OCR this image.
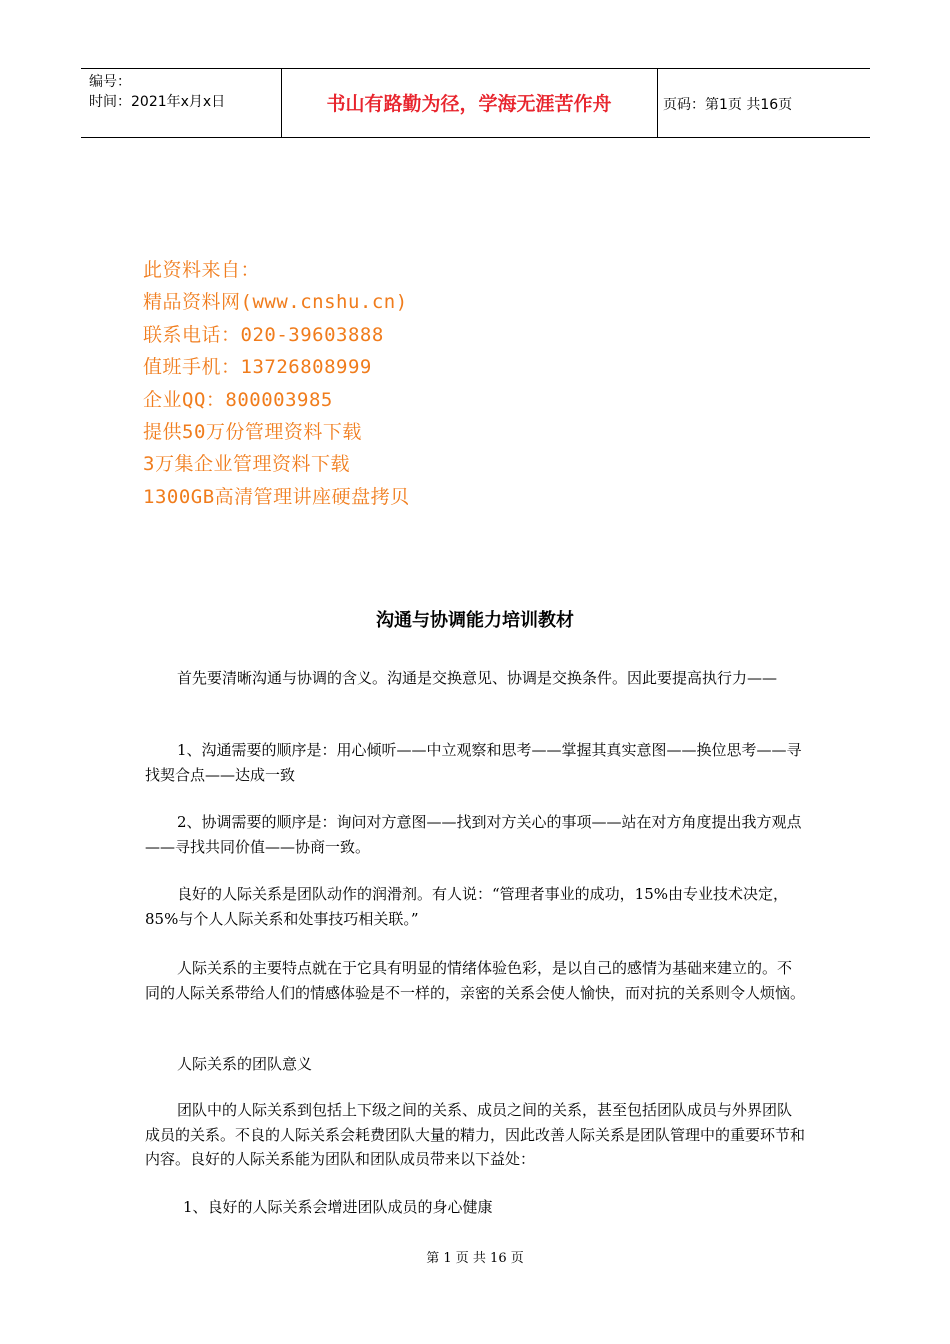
编号：
时间：2021年x月x日	书山有路勤为径，学海无涯苦作舟	页码：第1页 共16页
此资料来自：
精品资料网(www.cnshu.cn)
联系电话：020-39603888
值班手机：13726808999
企业QQ：800003985
提供50万份管理资料下载
3万集企业管理资料下载
1300GB高清管理讲座硬盘拷贝
沟通与协调能力培训教材
首先要清晰沟通与协调的含义。沟通是交换意见、协调是交换条件。因此要提高执行力——
1、沟通需要的顺序是：用心倾听——中立观察和思考——掌握其真实意图——换位思考——寻找契合点——达成一致
2、协调需要的顺序是：询问对方意图——找到对方关心的事项——站在对方角度提出我方观点——寻找共同价值——协商一致。
良好的人际关系是团队动作的润滑剂。有人说：“管理者事业的成功，15%由专业技术决定，85%与个人人际关系和处事技巧相关联。”
人际关系的主要特点就在于它具有明显的情绪体验色彩，是以自己的感情为基础来建立的。不同的人际关系带给人们的情感体验是不一样的，亲密的关系会使人愉快，而对抗的关系则令人烦恼。
人际关系的团队意义
团队中的人际关系到包括上下级之间的关系、成员之间的关系，甚至包括团队成员与外界团队成员的关系。不良的人际关系会耗费团队大量的精力，因此改善人际关系是团队管理中的重要环节和内容。良好的人际关系能为团队和团队成员带来以下益处：
1、良好的人际关系会增进团队成员的身心健康
第 1 页 共 16 页
